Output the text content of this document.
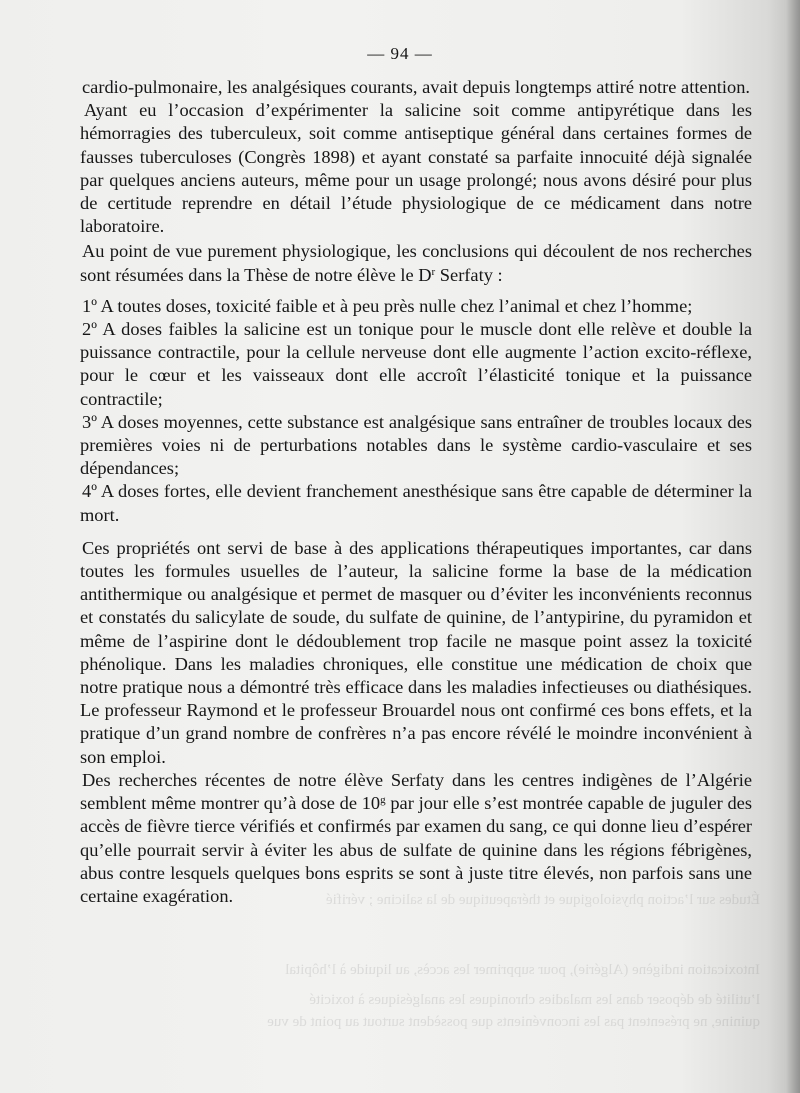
Études sur l’action physiologique et thérapeutique de la salicine ; vérifié
Intoxication indigène (Algérie), pour supprimer les accès, au liquide à l’hôpital
l’utilité de déposer dans les maladies chroniques les analgésiques à toxicité
quinine, ne présentent pas les inconvénients que possèdent surtout au point de vue
— 94 —

cardio-pulmonaire, les analgésiques courants, avait depuis longtemps attiré notre attention.

Ayant eu l’occasion d’expérimenter la salicine soit comme antipyrétique dans les hémorragies des tuberculeux, soit comme antiseptique général dans certaines formes de fausses tuberculoses (Congrès 1898) et ayant constaté sa parfaite innocuité déjà signalée par quelques anciens auteurs, même pour un usage prolongé; nous avons désiré pour plus de certitude reprendre en détail l’étude physiologique de ce médicament dans notre laboratoire.

Au point de vue purement physiologique, les conclusions qui découlent de nos recherches sont résumées dans la Thèse de notre élève le $D^r$ Serfaty :

1º A toutes doses, toxicité faible et à peu près nulle chez l’animal et chez l’homme;

2º A doses faibles la salicine est un tonique pour le muscle dont elle relève et double la puissance contractile, pour la cellule nerveuse dont elle augmente l’action excito-réflexe, pour le cœur et les vaisseaux dont elle accroît l’élasticité tonique et la puissance contractile;

3º A doses moyennes, cette substance est analgésique sans entraîner de troubles locaux des premières voies ni de perturbations notables dans le système cardio-vasculaire et ses dépendances;

4º A doses fortes, elle devient franchement anesthésique sans être capable de déterminer la mort.

Ces propriétés ont servi de base à des applications thérapeutiques importantes, car dans toutes les formules usuelles de l’auteur, la salicine forme la base de la médication antithermique ou analgésique et permet de masquer ou d’éviter les inconvénients reconnus et constatés du salicylate de soude, du sulfate de quinine, de l’antypirine, du pyramidon et même de l’aspirine dont le dédoublement trop facile ne masque point assez la toxicité phénolique. Dans les maladies chroniques, elle constitue une médication de choix que notre pratique nous a démontré très efficace dans les maladies infectieuses ou diathésiques. Le professeur Raymond et le professeur Brouardel nous ont confirmé ces bons effets, et la pratique d’un grand nombre de confrères n’a pas encore révélé le moindre inconvénient à son emploi.

Des recherches récentes de notre élève Serfaty dans les centres indigènes de l’Algérie semblent même montrer qu’à dose de 10$^g$ par jour elle s’est montrée capable de juguler des accès de fièvre tierce vérifiés et confirmés par examen du sang, ce qui donne lieu d’espérer qu’elle pourrait servir à éviter les abus de sulfate de quinine dans les régions fébrigènes, abus contre lesquels quelques bons esprits se sont à juste titre élevés, non parfois sans une certaine exagération.
